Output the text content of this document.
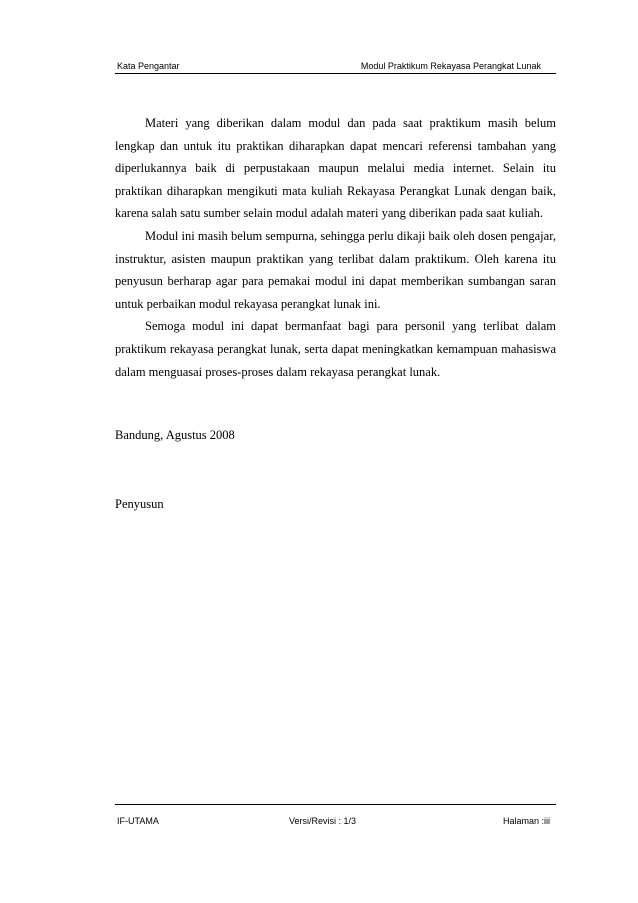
Kata Pengantar	Modul Praktikum Rekayasa Perangkat Lunak

Materi yang diberikan dalam modul dan pada saat praktikum masih belum lengkap dan untuk itu praktikan diharapkan dapat mencari referensi tambahan yang diperlukannya baik di perpustakaan maupun melalui media internet. Selain itu praktikan diharapkan mengikuti mata kuliah Rekayasa Perangkat Lunak dengan baik, karena salah satu sumber selain modul adalah materi yang diberikan pada saat kuliah.

Modul ini masih belum sempurna, sehingga perlu dikaji baik oleh dosen pengajar, instruktur, asisten maupun praktikan yang terlibat dalam praktikum. Oleh karena itu penyusun berharap agar para pemakai modul ini dapat memberikan sumbangan saran untuk perbaikan modul rekayasa perangkat lunak ini.

Semoga modul ini dapat bermanfaat bagi para personil yang terlibat dalam praktikum rekayasa perangkat lunak, serta dapat meningkatkan kemampuan mahasiswa dalam menguasai proses-proses dalam rekayasa perangkat lunak.

Bandung, Agustus 2008
Penyusun
IF-UTAMA	Versi/Revisi : 1/3	Halaman :iii
